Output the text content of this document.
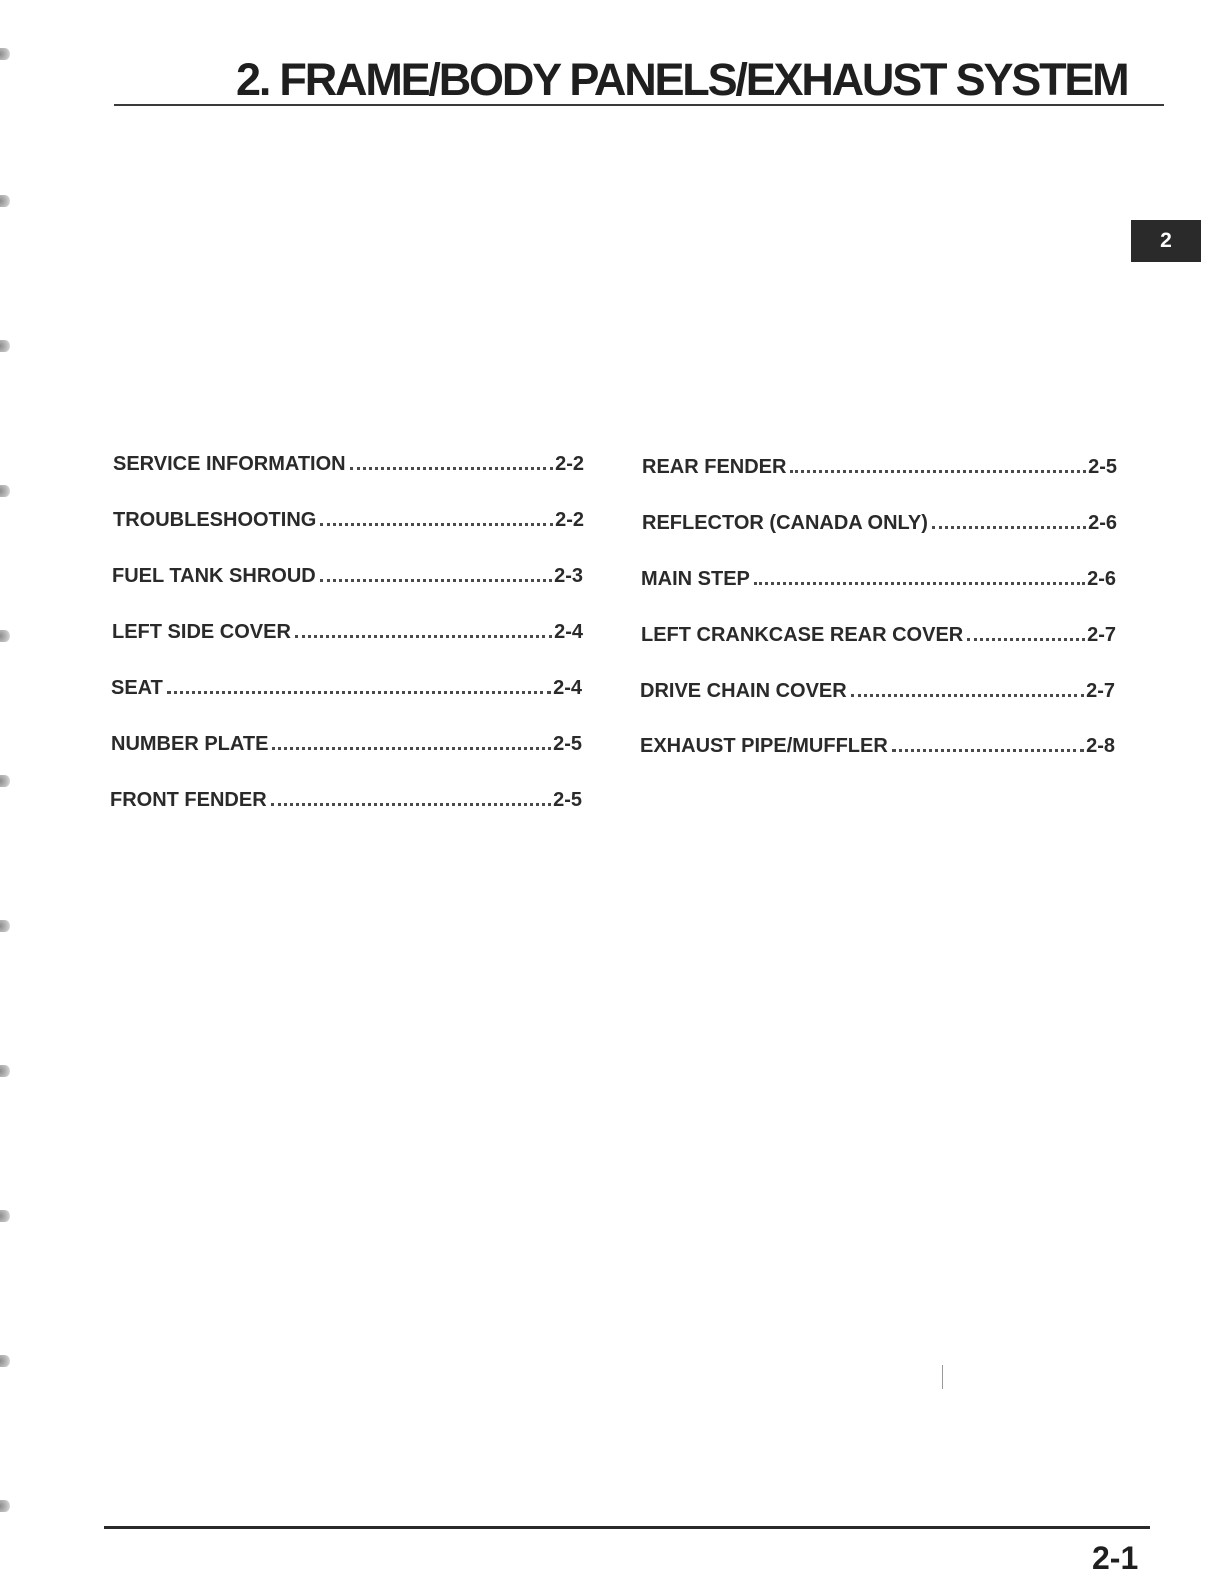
2. FRAME/BODY PANELS/EXHAUST SYSTEM
2
SERVICE INFORMATION	2-2
TROUBLESHOOTING	2-2
FUEL TANK SHROUD	2-3
LEFT SIDE COVER	2-4
SEAT	2-4
NUMBER PLATE	2-5
FRONT FENDER	2-5
REAR FENDER	2-5
REFLECTOR (CANADA ONLY)	2-6
MAIN STEP	2-6
LEFT CRANKCASE REAR COVER	2-7
DRIVE CHAIN COVER	2-7
EXHAUST PIPE/MUFFLER	2-8

2-1
